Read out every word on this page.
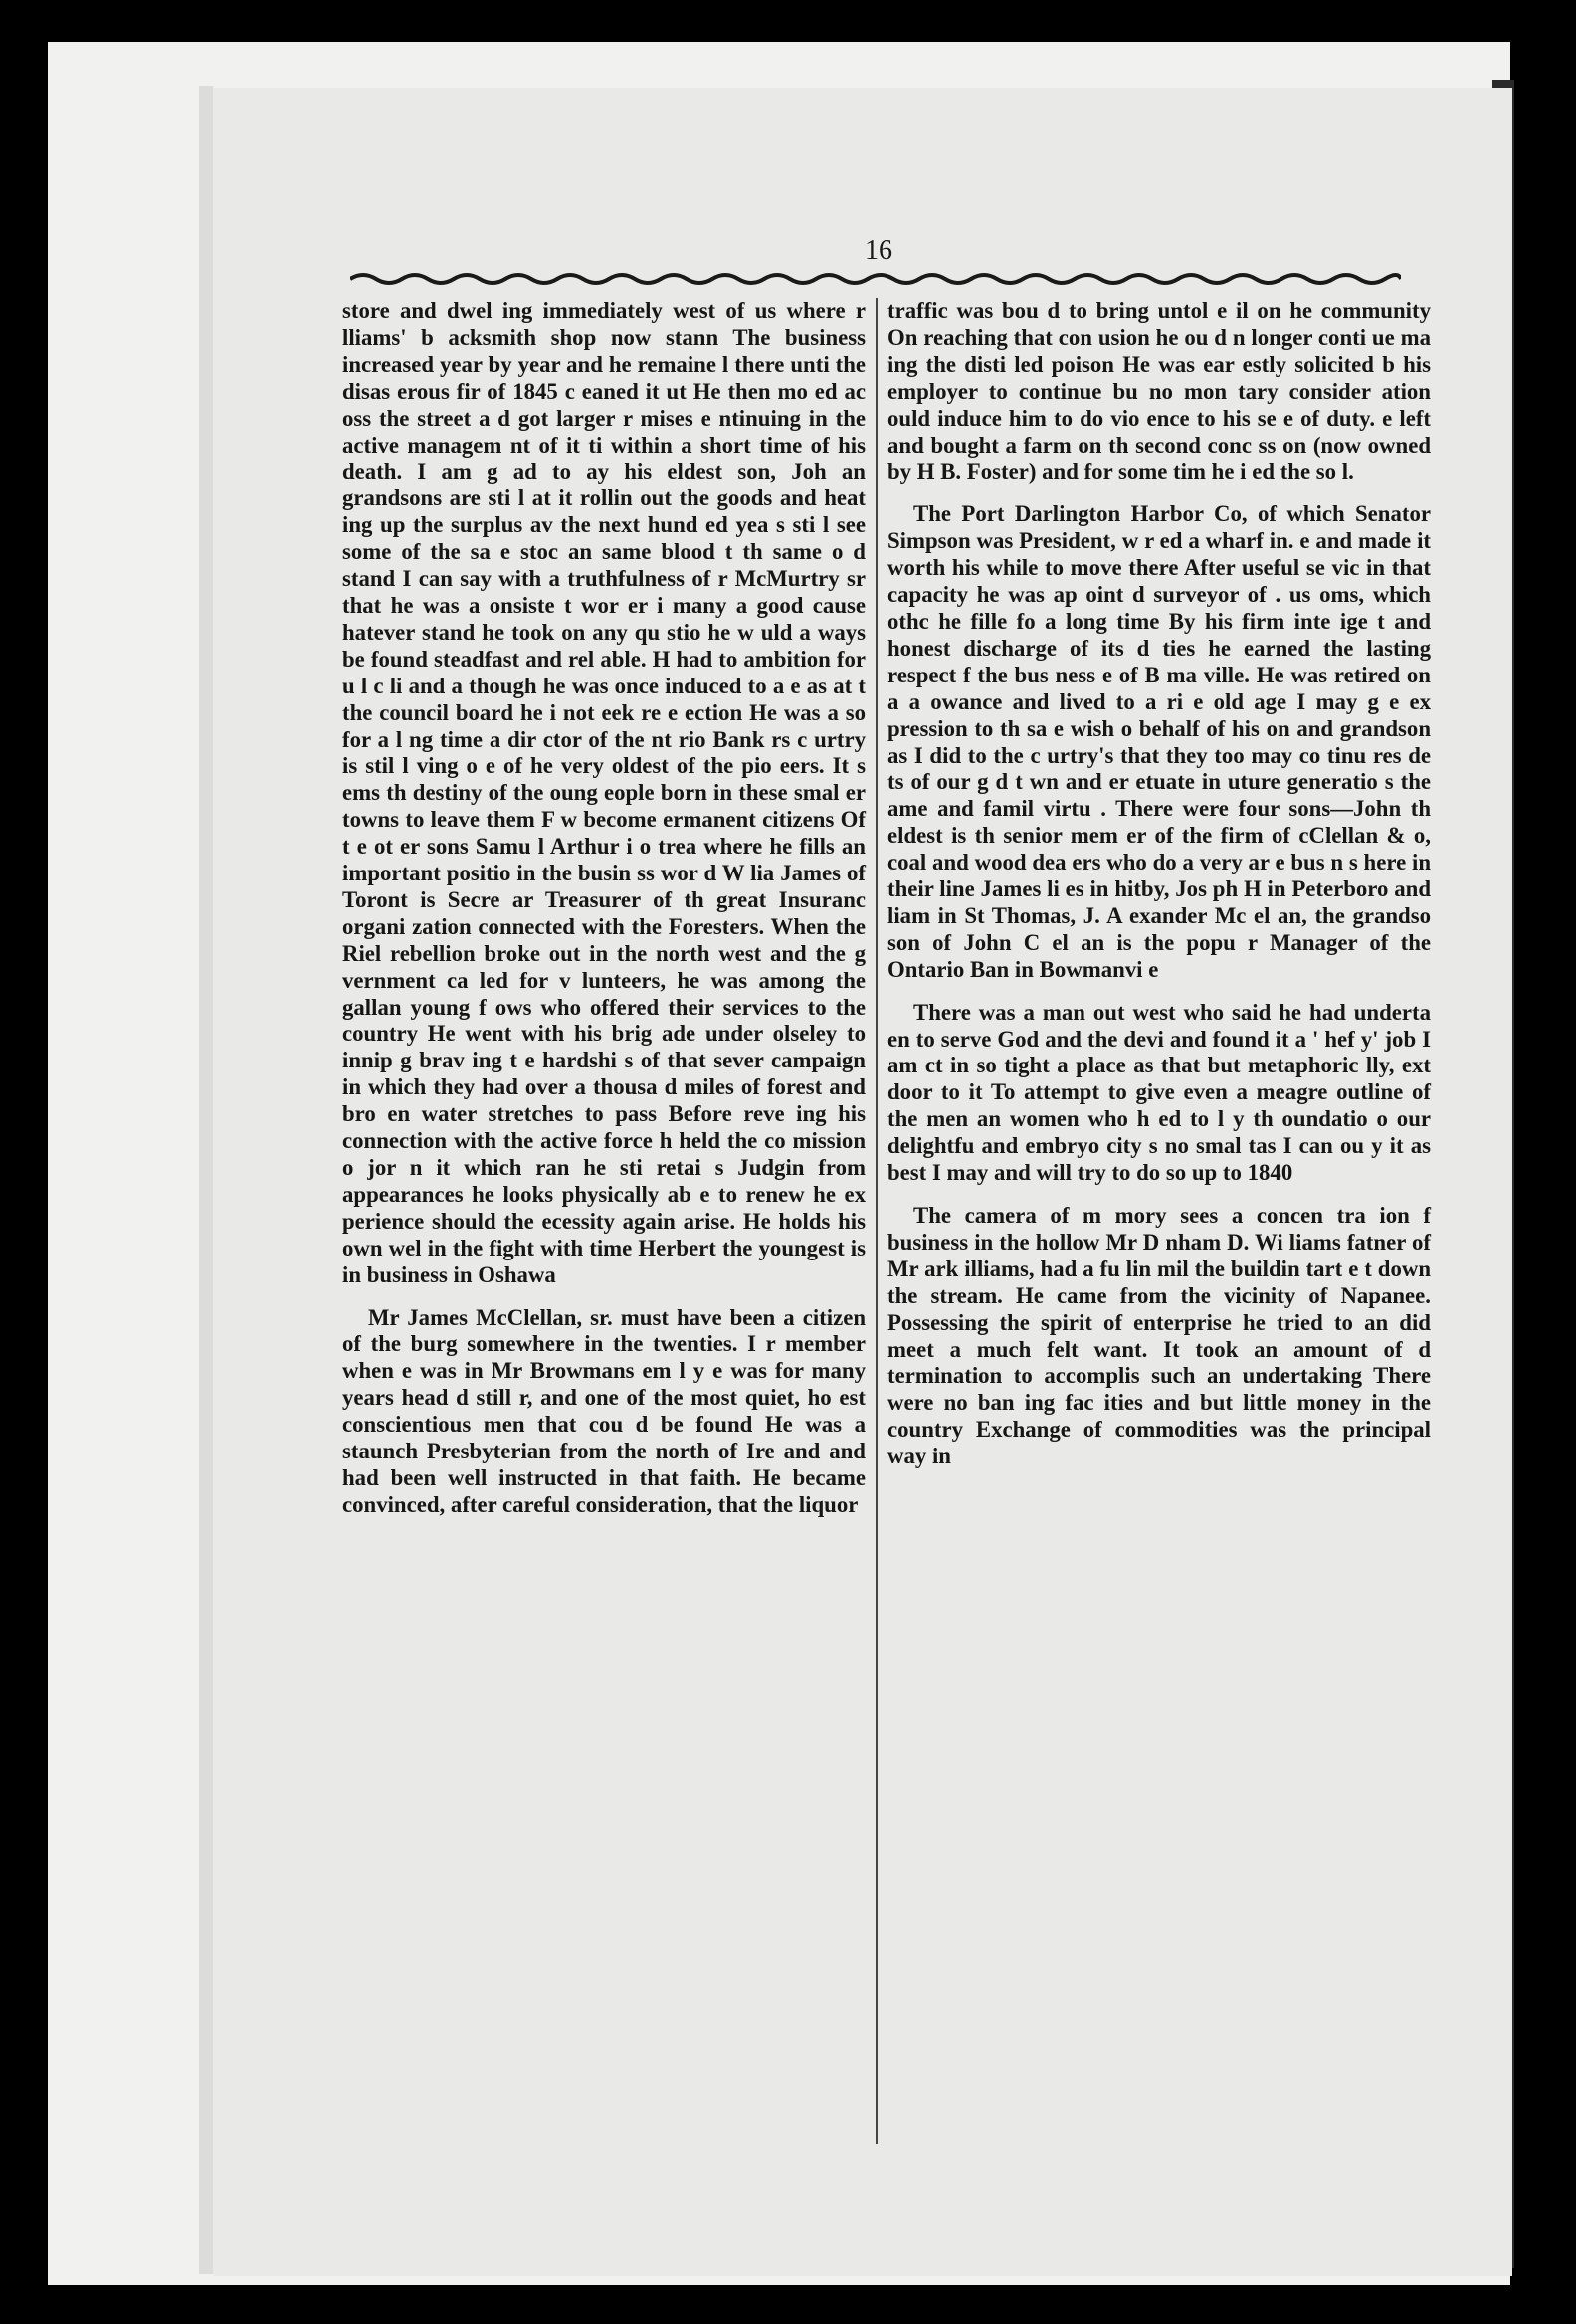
16

store and dwel ing immediately west of us where r lliams' b acksmith shop now stann The business increased year by year and he remaine l there unti the disas erous fir of 1845 c eaned it ut He then mo ed ac oss the street a d got larger r mises e ntinuing in the active managem nt of it ti within a short time of his death. I am g ad to ay his eldest son, Joh an grandsons are sti l at it rollin out the goods and heat ing up the surplus av the next hund ed yea s sti l see some of the sa e stoc an same blood t th same o d stand I can say with a truthfulness of r McMurtry sr that he was a onsiste t wor er i many a good cause hatever stand he took on any qu stio he w uld a ways be found steadfast and rel able. H had to ambition for u l c li and a though he was once induced to a e as at t the council board he i not eek re e ection He was a so for a l ng time a dir ctor of the nt rio Bank rs c urtry is stil l ving o e of he very oldest of the pio eers. It s ems th destiny of the oung eople born in these smal er towns to leave them F w become ermanent citizens Of t e ot er sons Samu l Arthur i o trea where he fills an important positio in the busin ss wor d W lia James of Toront is Secre ar Treasurer of th great Insuranc organi zation connected with the Foresters. When the Riel rebellion broke out in the north west and the g vernment ca led for v lunteers, he was among the gallan young f ows who offered their services to the country He went with his brig ade under olseley to innip g brav ing t e hardshi s of that sever campaign in which they had over a thousa d miles of forest and bro en water stretches to pass Before reve ing his connection with the active force h held the co mission o jor n it which ran he sti retai s Judgin from appearances he looks physically ab e to renew he ex perience should the ecessity again arise. He holds his own wel in the fight with time Herbert the youngest is in business in Oshawa

Mr James McClellan, sr. must have been a citizen of the burg somewhere in the twenties. I r member when e was in Mr Browmans em l y e was for many years head d still r, and one of the most quiet, ho est conscientious men that cou d be found He was a staunch Presbyterian from the north of Ire and and had been well instructed in that faith. He became convinced, after careful consideration, that the liquor

traffic was bou d to bring untol e il on he community On reaching that con usion he ou d n longer conti ue ma ing the disti led poison He was ear estly solicited b his employer to continue bu no mon tary consider ation ould induce him to do vio ence to his se e of duty. e left and bought a farm on th second conc ss on (now owned by H B. Foster) and for some tim he i ed the so l.

The Port Darlington Harbor Co, of which Senator Simpson was President, w r ed a wharf in. e and made it worth his while to move there After useful se vic in that capacity he was ap oint d surveyor of . us oms, which othc he fille fo a long time By his firm inte ige t and honest discharge of its d ties he earned the lasting respect f the bus ness e of B ma ville. He was retired on a a owance and lived to a ri e old age I may g e ex pression to th sa e wish o behalf of his on and grandson as I did to the c urtry's that they too may co tinu res de ts of our g d t wn and er etuate in uture generatio s the ame and famil virtu . There were four sons—John th eldest is th senior mem er of the firm of cClellan & o, coal and wood dea ers who do a very ar e bus n s here in their line James li es in hitby, Jos ph H in Peterboro and liam in St Thomas, J. A exander Mc el an, the grandso son of John C el an is the popu r Manager of the Ontario Ban in Bowmanvi e

There was a man out west who said he had underta en to serve God and the devi and found it a ' hef y' job I am ct in so tight a place as that but metaphoric lly, ext door to it To attempt to give even a meagre outline of the men an women who h ed to l y th oundatio o our delightfu and embryo city s no smal tas I can ou y it as best I may and will try to do so up to 1840

The camera of m mory sees a concen tra ion f business in the hollow Mr D nham D. Wi liams fatner of Mr ark illiams, had a fu lin mil the buildin tart e t down the stream. He came from the vicinity of Napanee. Possessing the spirit of enterprise he tried to an did meet a much felt want. It took an amount of d termination to accomplis such an undertaking There were no ban ing fac ities and but little money in the country Exchange of commodities was the principal way in
